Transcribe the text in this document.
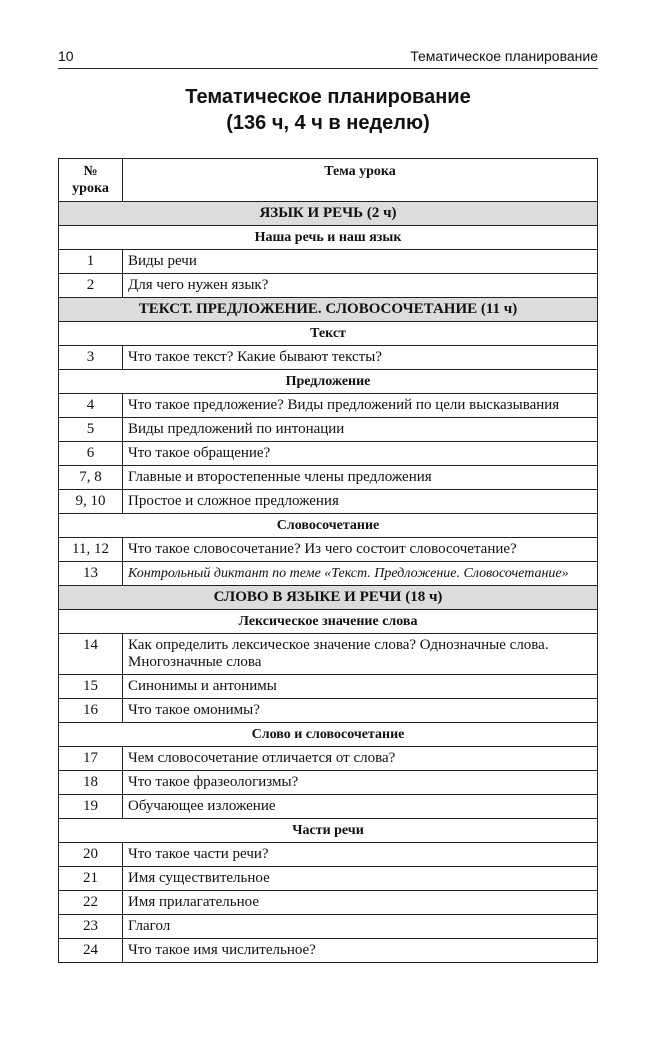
10	Тематическое планирование
Тематическое планирование
(136 ч, 4 ч в неделю)
№ урока	Тема урока
ЯЗЫК И РЕЧЬ (2 ч)	
Наша речь и наш язык	
1	Виды речи
2	Для чего нужен язык?
ТЕКСТ. ПРЕДЛОЖЕНИЕ. СЛОВОСОЧЕТАНИЕ (11 ч)	
Текст	
3	Что такое текст? Какие бывают тексты?
Предложение	
4	Что такое предложение? Виды предложений по цели высказывания
5	Виды предложений по интонации
6	Что такое обращение?
7, 8	Главные и второстепенные члены предложения
9, 10	Простое и сложное предложения
Словосочетание	
11, 12	Что такое словосочетание? Из чего состоит словосочетание?
13	Контрольный диктант по теме «Текст. Предложение. Словосочетание»
СЛОВО В ЯЗЫКЕ И РЕЧИ (18 ч)	
Лексическое значение слова	
14	Как определить лексическое значение слова? Однозначные слова. Многозначные слова
15	Синонимы и антонимы
16	Что такое омонимы?
Слово и словосочетание	
17	Чем словосочетание отличается от слова?
18	Что такое фразеологизмы?
19	Обучающее изложение
Части речи	
20	Что такое части речи?
21	Имя существительное
22	Имя прилагательное
23	Глагол
24	Что такое имя числительное?
